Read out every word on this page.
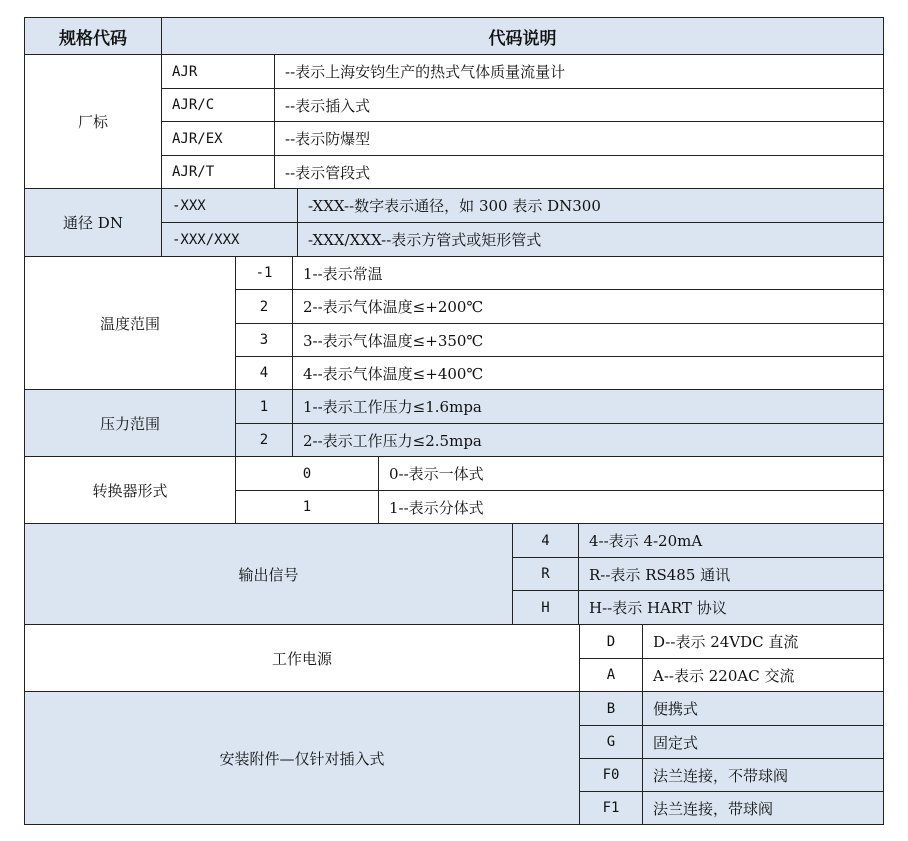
规格代码	代码说明
厂标
AJR	--表示上海安钧生产的热式气体质量流量计
AJR/C	--表示插入式
AJR/EX	--表示防爆型
AJR/T	--表示管段式
通径 DN
-XXX	-XXX--数字表示通径，如 300 表示 DN300
-XXX/XXX	-XXX/XXX--表示方管式或矩形管式
温度范围
-1	1--表示常温
2	2--表示气体温度≤+200℃
3	3--表示气体温度≤+350℃
4	4--表示气体温度≤+400℃
压力范围
1	1--表示工作压力≤1.6mpa
2	2--表示工作压力≤2.5mpa
转换器形式
0	0--表示一体式
1	1--表示分体式
输出信号
4	4--表示 4-20mA
R	R--表示 RS485 通讯
H	H--表示 HART 协议
工作电源
D	D--表示 24VDC 直流
A	A--表示 220AC 交流
安装附件—仅针对插入式
B	便携式
G	固定式
F0	法兰连接，不带球阀
F1	法兰连接，带球阀
